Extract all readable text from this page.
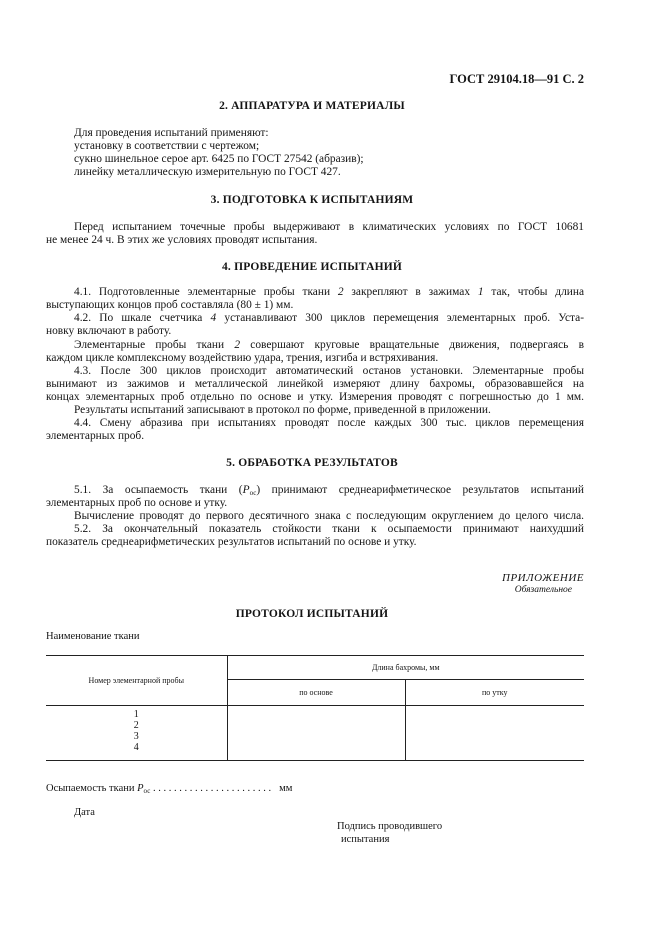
ГОСТ 29104.18—91 С. 2
2. АППАРАТУРА И МАТЕРИАЛЫ
Для проведения испытаний применяют:
установку в соответствии с чертежом;
сукно шинельное серое арт. 6425 по ГОСТ 27542 (абразив);
линейку металлическую измерительную по ГОСТ 427.
3. ПОДГОТОВКА К ИСПЫТАНИЯМ
Перед испытанием точечные пробы выдерживают в климатических условиях по ГОСТ 10681
не менее 24 ч. В этих же условиях проводят испытания.
4. ПРОВЕДЕНИЕ ИСПЫТАНИЙ
4.1. Подготовленные элементарные пробы ткани 2 закрепляют в зажимах 1 так, чтобы длина
выступающих концов проб составляла (80 ± 1) мм.
4.2. По шкале счетчика 4 устанавливают 300 циклов перемещения элементарных проб. Уста-
новку включают в работу.
Элементарные пробы ткани 2 совершают круговые вращательные движения, подвергаясь в
каждом цикле комплексному воздействию удара, трения, изгиба и встряхивания.
4.3. После 300 циклов происходит автоматический останов установки. Элементарные пробы
вынимают из зажимов и металлической линейкой измеряют длину бахромы, образовавшейся на
концах элементарных проб отдельно по основе и утку. Измерения проводят с погрешностью до 1 мм.
Результаты испытаний записывают в протокол по форме, приведенной в приложении.
4.4. Смену абразива при испытаниях проводят после каждых 300 тыс. циклов перемещения
элементарных проб.
5. ОБРАБОТКА РЕЗУЛЬТАТОВ
5.1. За осыпаемость ткани $(P_{ос})$ принимают среднеарифметическое результатов испытаний
элементарных проб по основе и утку.
Вычисление проводят до первого десятичного знака с последующим округлением до целого числа.
5.2. За окончательный показатель стойкости ткани к осыпаемости принимают наихудший
показатель среднеарифметических результатов испытаний по основе и утку.
ПРИЛОЖЕНИЕ
Обязательное
ПРОТОКОЛ ИСПЫТАНИЙ
Наименование ткани
Номер элементарной пробы	Длина бахромы, мм	
	по основе	по утку

1
2
3
4		

Осыпаемость ткани $P_{ос}$ . . . . . . . . . . . . . . . . . . . . . . . мм
Дата
Подпись проводившего
испытания
